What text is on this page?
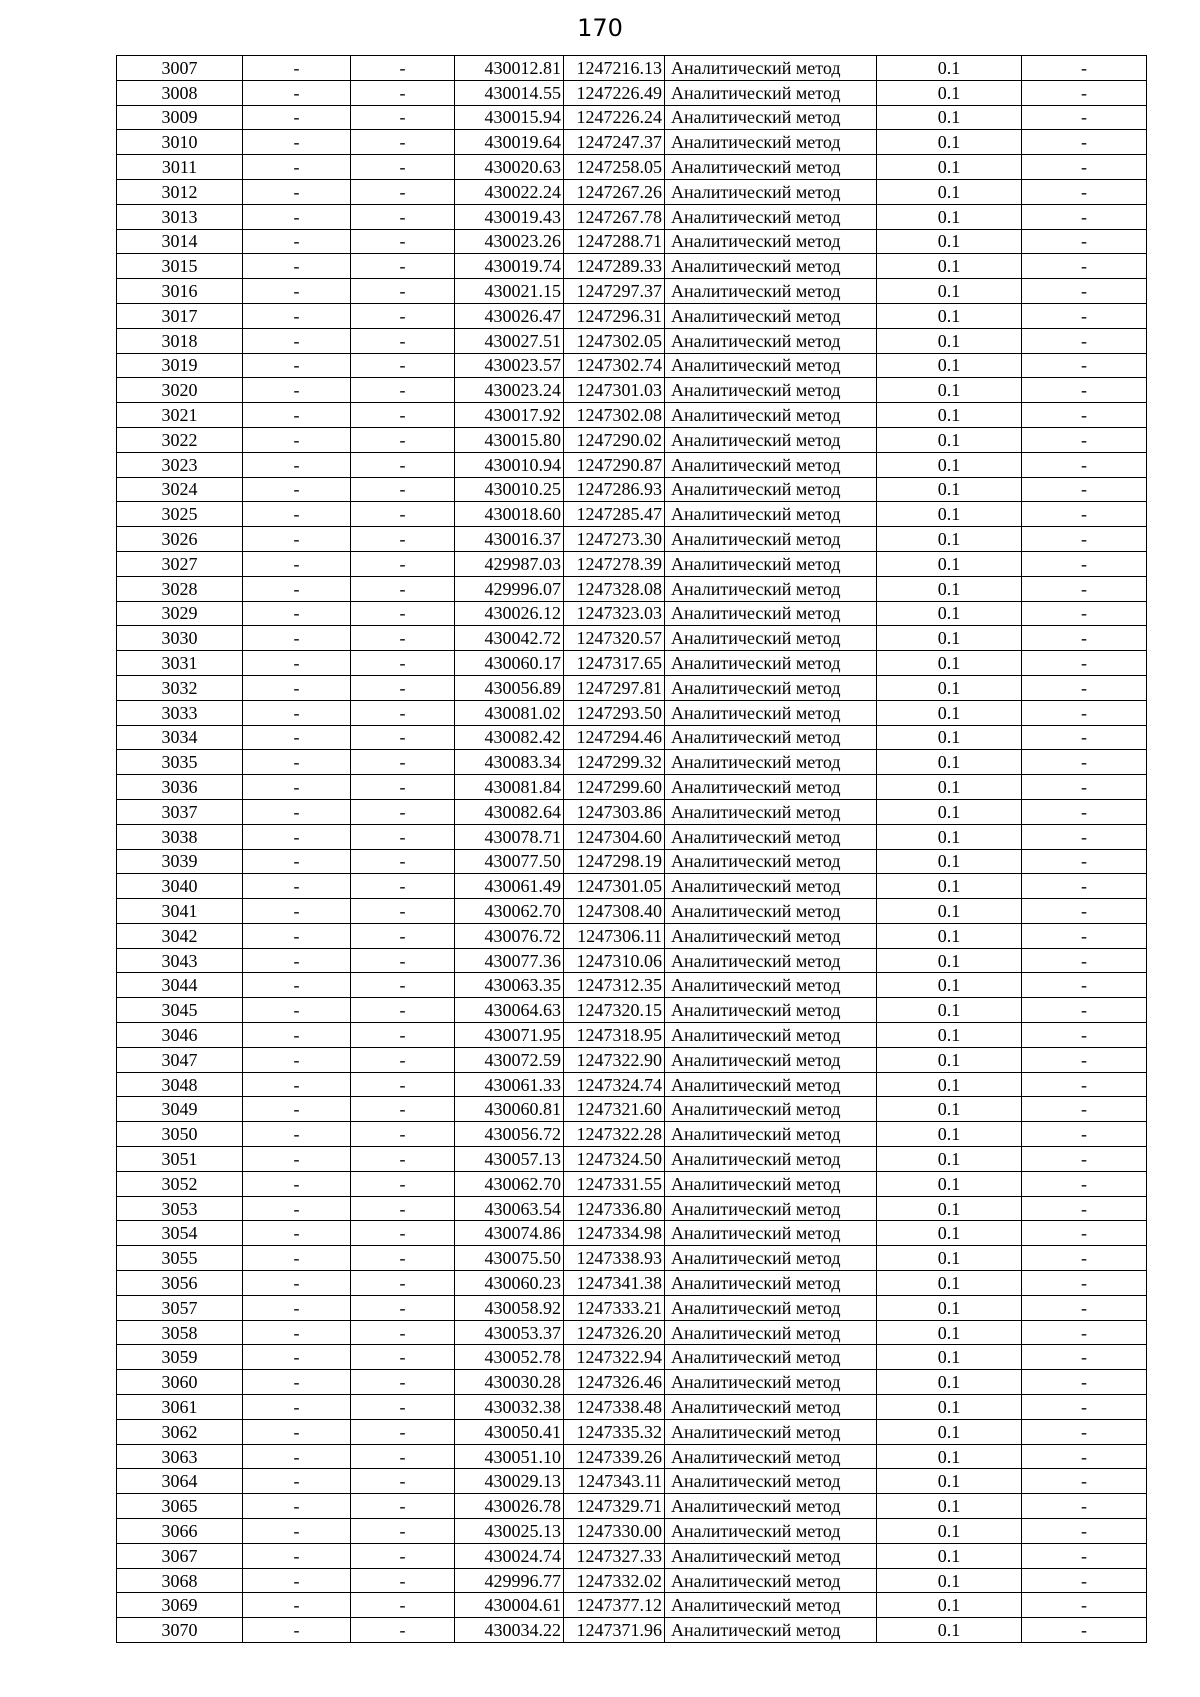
170
3007	-	-	430012.81	1247216.13	Аналитический метод	0.1	-
3008	-	-	430014.55	1247226.49	Аналитический метод	0.1	-
3009	-	-	430015.94	1247226.24	Аналитический метод	0.1	-
3010	-	-	430019.64	1247247.37	Аналитический метод	0.1	-
3011	-	-	430020.63	1247258.05	Аналитический метод	0.1	-
3012	-	-	430022.24	1247267.26	Аналитический метод	0.1	-
3013	-	-	430019.43	1247267.78	Аналитический метод	0.1	-
3014	-	-	430023.26	1247288.71	Аналитический метод	0.1	-
3015	-	-	430019.74	1247289.33	Аналитический метод	0.1	-
3016	-	-	430021.15	1247297.37	Аналитический метод	0.1	-
3017	-	-	430026.47	1247296.31	Аналитический метод	0.1	-
3018	-	-	430027.51	1247302.05	Аналитический метод	0.1	-
3019	-	-	430023.57	1247302.74	Аналитический метод	0.1	-
3020	-	-	430023.24	1247301.03	Аналитический метод	0.1	-
3021	-	-	430017.92	1247302.08	Аналитический метод	0.1	-
3022	-	-	430015.80	1247290.02	Аналитический метод	0.1	-
3023	-	-	430010.94	1247290.87	Аналитический метод	0.1	-
3024	-	-	430010.25	1247286.93	Аналитический метод	0.1	-
3025	-	-	430018.60	1247285.47	Аналитический метод	0.1	-
3026	-	-	430016.37	1247273.30	Аналитический метод	0.1	-
3027	-	-	429987.03	1247278.39	Аналитический метод	0.1	-
3028	-	-	429996.07	1247328.08	Аналитический метод	0.1	-
3029	-	-	430026.12	1247323.03	Аналитический метод	0.1	-
3030	-	-	430042.72	1247320.57	Аналитический метод	0.1	-
3031	-	-	430060.17	1247317.65	Аналитический метод	0.1	-
3032	-	-	430056.89	1247297.81	Аналитический метод	0.1	-
3033	-	-	430081.02	1247293.50	Аналитический метод	0.1	-
3034	-	-	430082.42	1247294.46	Аналитический метод	0.1	-
3035	-	-	430083.34	1247299.32	Аналитический метод	0.1	-
3036	-	-	430081.84	1247299.60	Аналитический метод	0.1	-
3037	-	-	430082.64	1247303.86	Аналитический метод	0.1	-
3038	-	-	430078.71	1247304.60	Аналитический метод	0.1	-
3039	-	-	430077.50	1247298.19	Аналитический метод	0.1	-
3040	-	-	430061.49	1247301.05	Аналитический метод	0.1	-
3041	-	-	430062.70	1247308.40	Аналитический метод	0.1	-
3042	-	-	430076.72	1247306.11	Аналитический метод	0.1	-
3043	-	-	430077.36	1247310.06	Аналитический метод	0.1	-
3044	-	-	430063.35	1247312.35	Аналитический метод	0.1	-
3045	-	-	430064.63	1247320.15	Аналитический метод	0.1	-
3046	-	-	430071.95	1247318.95	Аналитический метод	0.1	-
3047	-	-	430072.59	1247322.90	Аналитический метод	0.1	-
3048	-	-	430061.33	1247324.74	Аналитический метод	0.1	-
3049	-	-	430060.81	1247321.60	Аналитический метод	0.1	-
3050	-	-	430056.72	1247322.28	Аналитический метод	0.1	-
3051	-	-	430057.13	1247324.50	Аналитический метод	0.1	-
3052	-	-	430062.70	1247331.55	Аналитический метод	0.1	-
3053	-	-	430063.54	1247336.80	Аналитический метод	0.1	-
3054	-	-	430074.86	1247334.98	Аналитический метод	0.1	-
3055	-	-	430075.50	1247338.93	Аналитический метод	0.1	-
3056	-	-	430060.23	1247341.38	Аналитический метод	0.1	-
3057	-	-	430058.92	1247333.21	Аналитический метод	0.1	-
3058	-	-	430053.37	1247326.20	Аналитический метод	0.1	-
3059	-	-	430052.78	1247322.94	Аналитический метод	0.1	-
3060	-	-	430030.28	1247326.46	Аналитический метод	0.1	-
3061	-	-	430032.38	1247338.48	Аналитический метод	0.1	-
3062	-	-	430050.41	1247335.32	Аналитический метод	0.1	-
3063	-	-	430051.10	1247339.26	Аналитический метод	0.1	-
3064	-	-	430029.13	1247343.11	Аналитический метод	0.1	-
3065	-	-	430026.78	1247329.71	Аналитический метод	0.1	-
3066	-	-	430025.13	1247330.00	Аналитический метод	0.1	-
3067	-	-	430024.74	1247327.33	Аналитический метод	0.1	-
3068	-	-	429996.77	1247332.02	Аналитический метод	0.1	-
3069	-	-	430004.61	1247377.12	Аналитический метод	0.1	-
3070	-	-	430034.22	1247371.96	Аналитический метод	0.1	-
